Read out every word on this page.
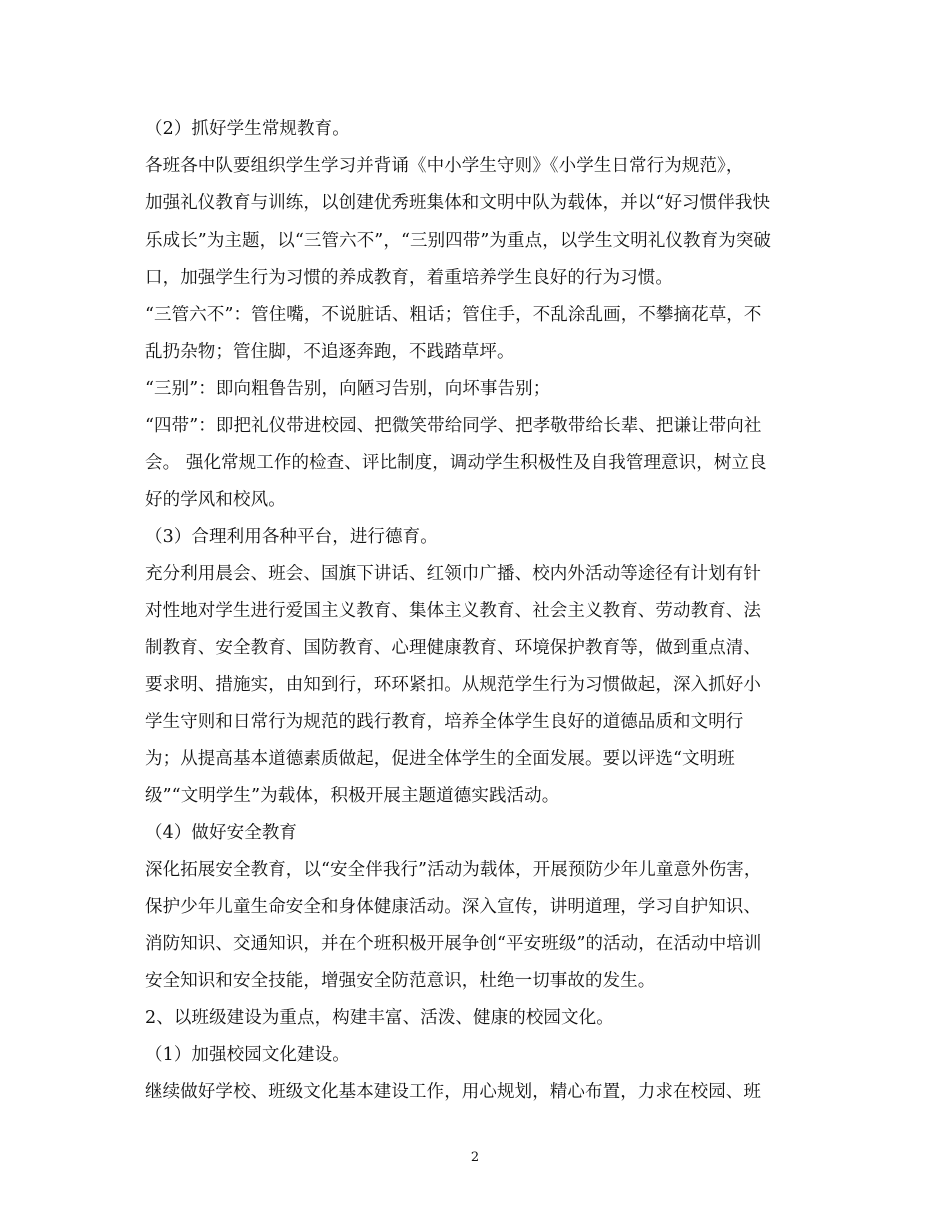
（2）抓好学生常规教育。
各班各中队要组织学生学习并背诵《中小学生守则》《小学生日常行为规范》，
加强礼仪教育与训练，以创建优秀班集体和文明中队为载体，并以“好习惯伴我快
乐成长”为主题，以“三管六不”，“三别四带”为重点，以学生文明礼仪教育为突破
口，加强学生行为习惯的养成教育，着重培养学生良好的行为习惯。
“三管六不”：管住嘴，不说脏话、粗话；管住手，不乱涂乱画，不攀摘花草，不
乱扔杂物；管住脚，不追逐奔跑，不践踏草坪。
“三别”：即向粗鲁告别，向陋习告别，向坏事告别；
“四带”：即把礼仪带进校园、把微笑带给同学、把孝敬带给长辈、把谦让带向社
会。 强化常规工作的检查、评比制度，调动学生积极性及自我管理意识，树立良
好的学风和校风。
（3）合理利用各种平台，进行德育。
充分利用晨会、班会、国旗下讲话、红领巾广播、校内外活动等途径有计划有针
对性地对学生进行爱国主义教育、集体主义教育、社会主义教育、劳动教育、法
制教育、安全教育、国防教育、心理健康教育、环境保护教育等，做到重点清、
要求明、措施实，由知到行，环环紧扣。从规范学生行为习惯做起，深入抓好小
学生守则和日常行为规范的践行教育，培养全体学生良好的道德品质和文明行
为；从提高基本道德素质做起，促进全体学生的全面发展。要以评选“文明班
级”“文明学生”为载体，积极开展主题道德实践活动。
（4）做好安全教育
深化拓展安全教育，以“安全伴我行”活动为载体，开展预防少年儿童意外伤害，
保护少年儿童生命安全和身体健康活动。深入宣传，讲明道理，学习自护知识、
消防知识、交通知识，并在个班积极开展争创“平安班级”的活动，在活动中培训
安全知识和安全技能，增强安全防范意识，杜绝一切事故的发生。
2、以班级建设为重点，构建丰富、活泼、健康的校园文化。
（1）加强校园文化建设。
继续做好学校、班级文化基本建设工作，用心规划，精心布置，力求在校园、班
2
